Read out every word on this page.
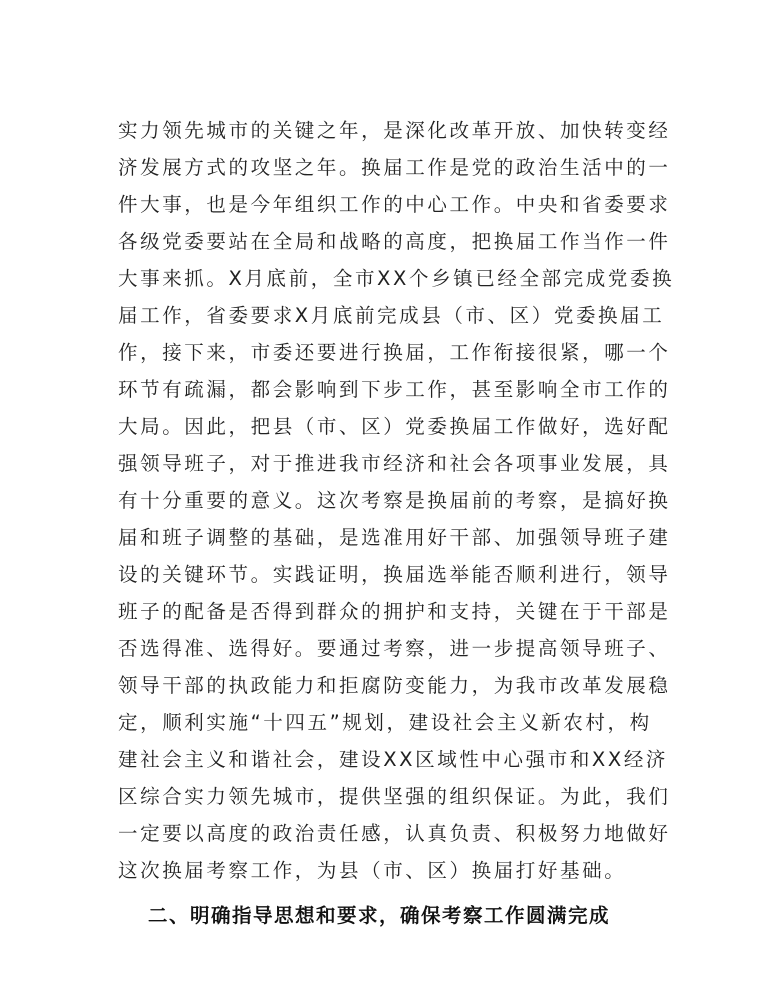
实力领先城市的关键之年，是深化改革开放、加快转变经
济发展方式的攻坚之年。换届工作是党的政治生活中的一
件大事，也是今年组织工作的中心工作。中央和省委要求
各级党委要站在全局和战略的高度，把换届工作当作一件
大事来抓。X月底前，全市XX个乡镇已经全部完成党委换
届工作，省委要求X月底前完成县（市、区）党委换届工
作，接下来，市委还要进行换届，工作衔接很紧，哪一个
环节有疏漏，都会影响到下步工作，甚至影响全市工作的
大局。因此，把县（市、区）党委换届工作做好，选好配
强领导班子，对于推进我市经济和社会各项事业发展，具
有十分重要的意义。这次考察是换届前的考察，是搞好换
届和班子调整的基础，是选准用好干部、加强领导班子建
设的关键环节。实践证明，换届选举能否顺利进行，领导
班子的配备是否得到群众的拥护和支持，关键在于干部是
否选得准、选得好。要通过考察，进一步提高领导班子、
领导干部的执政能力和拒腐防变能力，为我市改革发展稳
定，顺利实施“十四五”规划，建设社会主义新农村，构
建社会主义和谐社会，建设XX区域性中心强市和XX经济
区综合实力领先城市，提供坚强的组织保证。为此，我们
一定要以高度的政治责任感，认真负责、积极努力地做好
这次换届考察工作，为县（市、区）换届打好基础。
二、明确指导思想和要求，确保考察工作圆满完成
